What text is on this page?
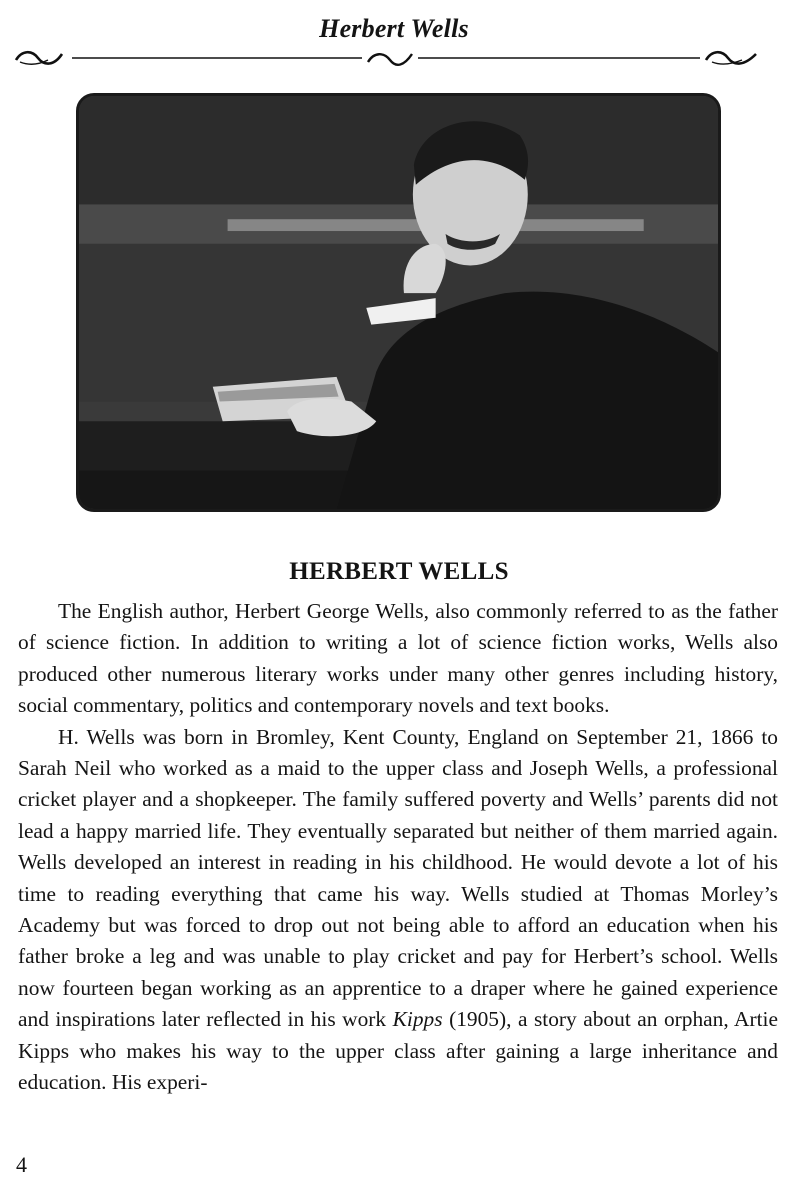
Herbert Wells
HERBERT WELLS

The English author, Herbert George Wells, also commonly referred to as the father of science fiction. In addition to writing a lot of science fiction works, Wells also produced other numerous literary works under many other genres including history, social commentary, politics and contemporary novels and text books.

H. Wells was born in Bromley, Kent County, England on September 21, 1866 to Sarah Neil who worked as a maid to the upper class and Joseph Wells, a professional cricket player and a shopkeeper. The family suffered poverty and Wells’ parents did not lead a happy married life. They eventually separated but neither of them married again. Wells developed an interest in reading in his childhood. He would devote a lot of his time to reading everything that came his way. Wells studied at Thomas Morley’s Academy but was forced to drop out not being able to afford an education when his father broke a leg and was unable to play cricket and pay for Herbert’s school. Wells now fourteen began working as an apprentice to a draper where he gained experience and inspirations later reflected in his work Kipps (1905), a story about an orphan, Artie Kipps who makes his way to the upper class after gaining a large inheritance and education. His experi-

4
